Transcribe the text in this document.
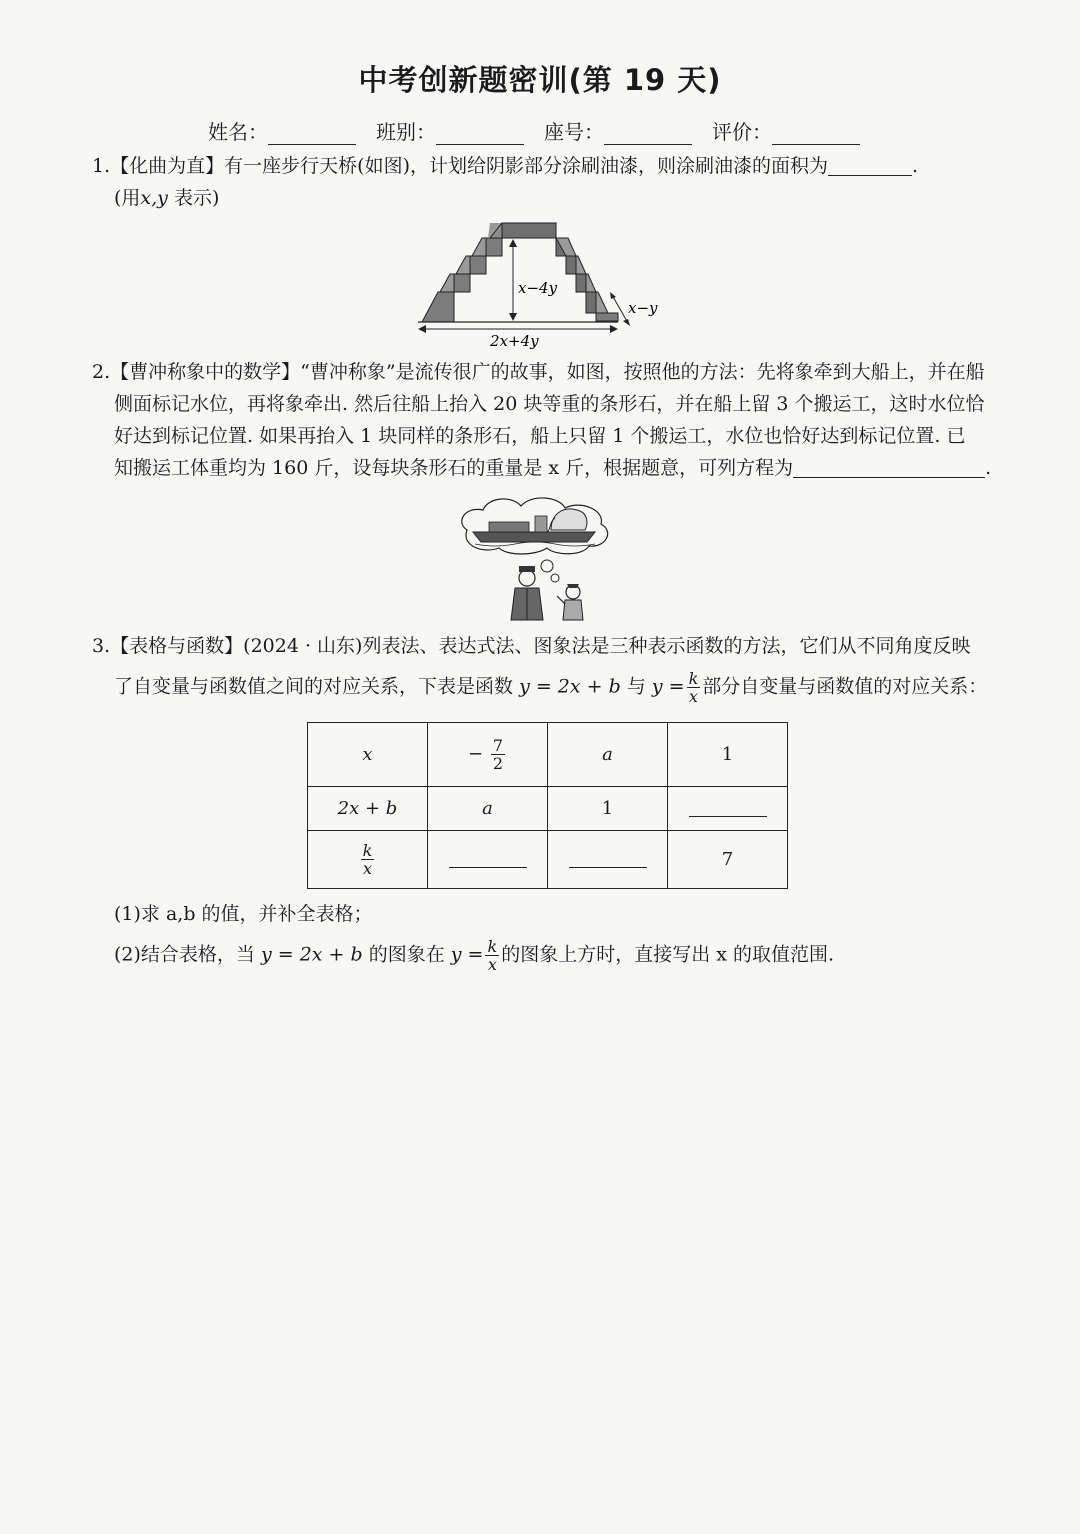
中考创新题密训(第 19 天)
姓名：	班别：	座号：	评价：
1.【化曲为直】有一座步行天桥(如图)，计划给阴影部分涂刷油漆，则涂刷油漆的面积为	.
(用x,y 表示)
x−4y
x−y
2x+4y
2.【曹冲称象中的数学】“曹冲称象”是流传很广的故事，如图，按照他的方法：先将象牵到大船上，并在船
侧面标记水位，再将象牵出. 然后往船上抬入 20 块等重的条形石，并在船上留 3 个搬运工，这时水位恰
好达到标记位置. 如果再抬入 1 块同样的条形石，船上只留 1 个搬运工，水位也恰好达到标记位置. 已
知搬运工体重均为 160 斤，设每块条形石的重量是 x 斤，根据题意，可列方程为	.
3.【表格与函数】(2024 · 山东)列表法、表达式法、图象法是三种表示函数的方法，它们从不同角度反映
了自变量与函数值之间的对应关系，下表是函数 y = 2x + b 与 $y = \frac{k}{x}$ 部分自变量与函数值的对应关系：
x	− $\frac{7}{2}$	a	1
2x + b	a	1	

$\frac{k}{x}$			7
(1)求 a,b 的值，并补全表格；
(2)结合表格，当 y = 2x + b 的图象在 $y = \frac{k}{x}$ 的图象上方时，直接写出 x 的取值范围.
